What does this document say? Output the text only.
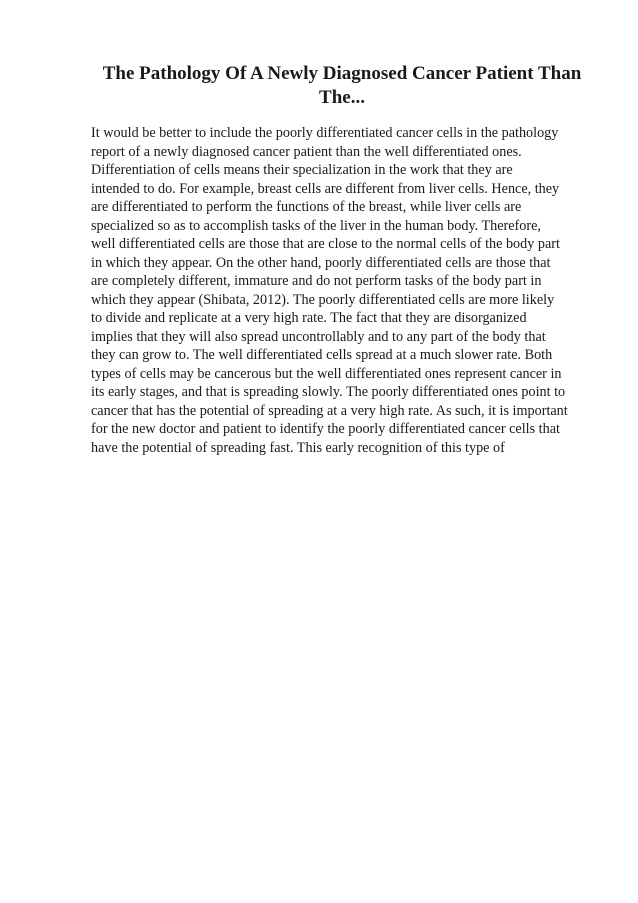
The Pathology Of A Newly Diagnosed Cancer Patient Than The...
It would be better to include the poorly differentiated cancer cells in the pathology
report of a newly diagnosed cancer patient than the well differentiated ones.
Differentiation of cells means their specialization in the work that they are
intended to do. For example, breast cells are different from liver cells. Hence, they
are differentiated to perform the functions of the breast, while liver cells are
specialized so as to accomplish tasks of the liver in the human body. Therefore,
well differentiated cells are those that are close to the normal cells of the body part
in which they appear. On the other hand, poorly differentiated cells are those that
are completely different, immature and do not perform tasks of the body part in
which they appear (Shibata, 2012). The poorly differentiated cells are more likely
to divide and replicate at a very high rate. The fact that they are disorganized
implies that they will also spread uncontrollably and to any part of the body that
they can grow to. The well differentiated cells spread at a much slower rate. Both
types of cells may be cancerous but the well differentiated ones represent cancer in
its early stages, and that is spreading slowly. The poorly differentiated ones point to
cancer that has the potential of spreading at a very high rate. As such, it is important
for the new doctor and patient to identify the poorly differentiated cancer cells that
have the potential of spreading fast. This early recognition of this type of
